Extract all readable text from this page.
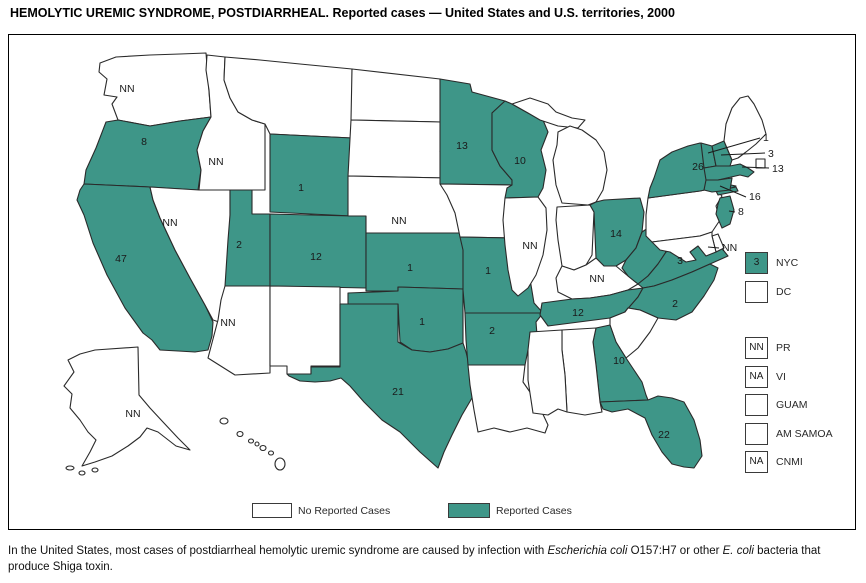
HEMOLYTIC UREMIC SYNDROME, POSTDIARRHEAL. Reported cases — United States and U.S. territories, 2000
NN
8
47
NN
NN
1
2
12
NN
NN
1
1
21
13
10
1
2
NN
14
NN
12
3
2
10
22
26
NN
1
3
13
16
8
NN
3	NYC
DC
NN	PR
NA	VI
GUAM
AM SAMOA
NA	CNMI
No Reported Cases	Reported Cases
In the United States, most cases of postdiarrheal hemolytic uremic syndrome are caused by infection with Escherichia coli O157:H7 or other E. coli bacteria that produce Shiga toxin.
